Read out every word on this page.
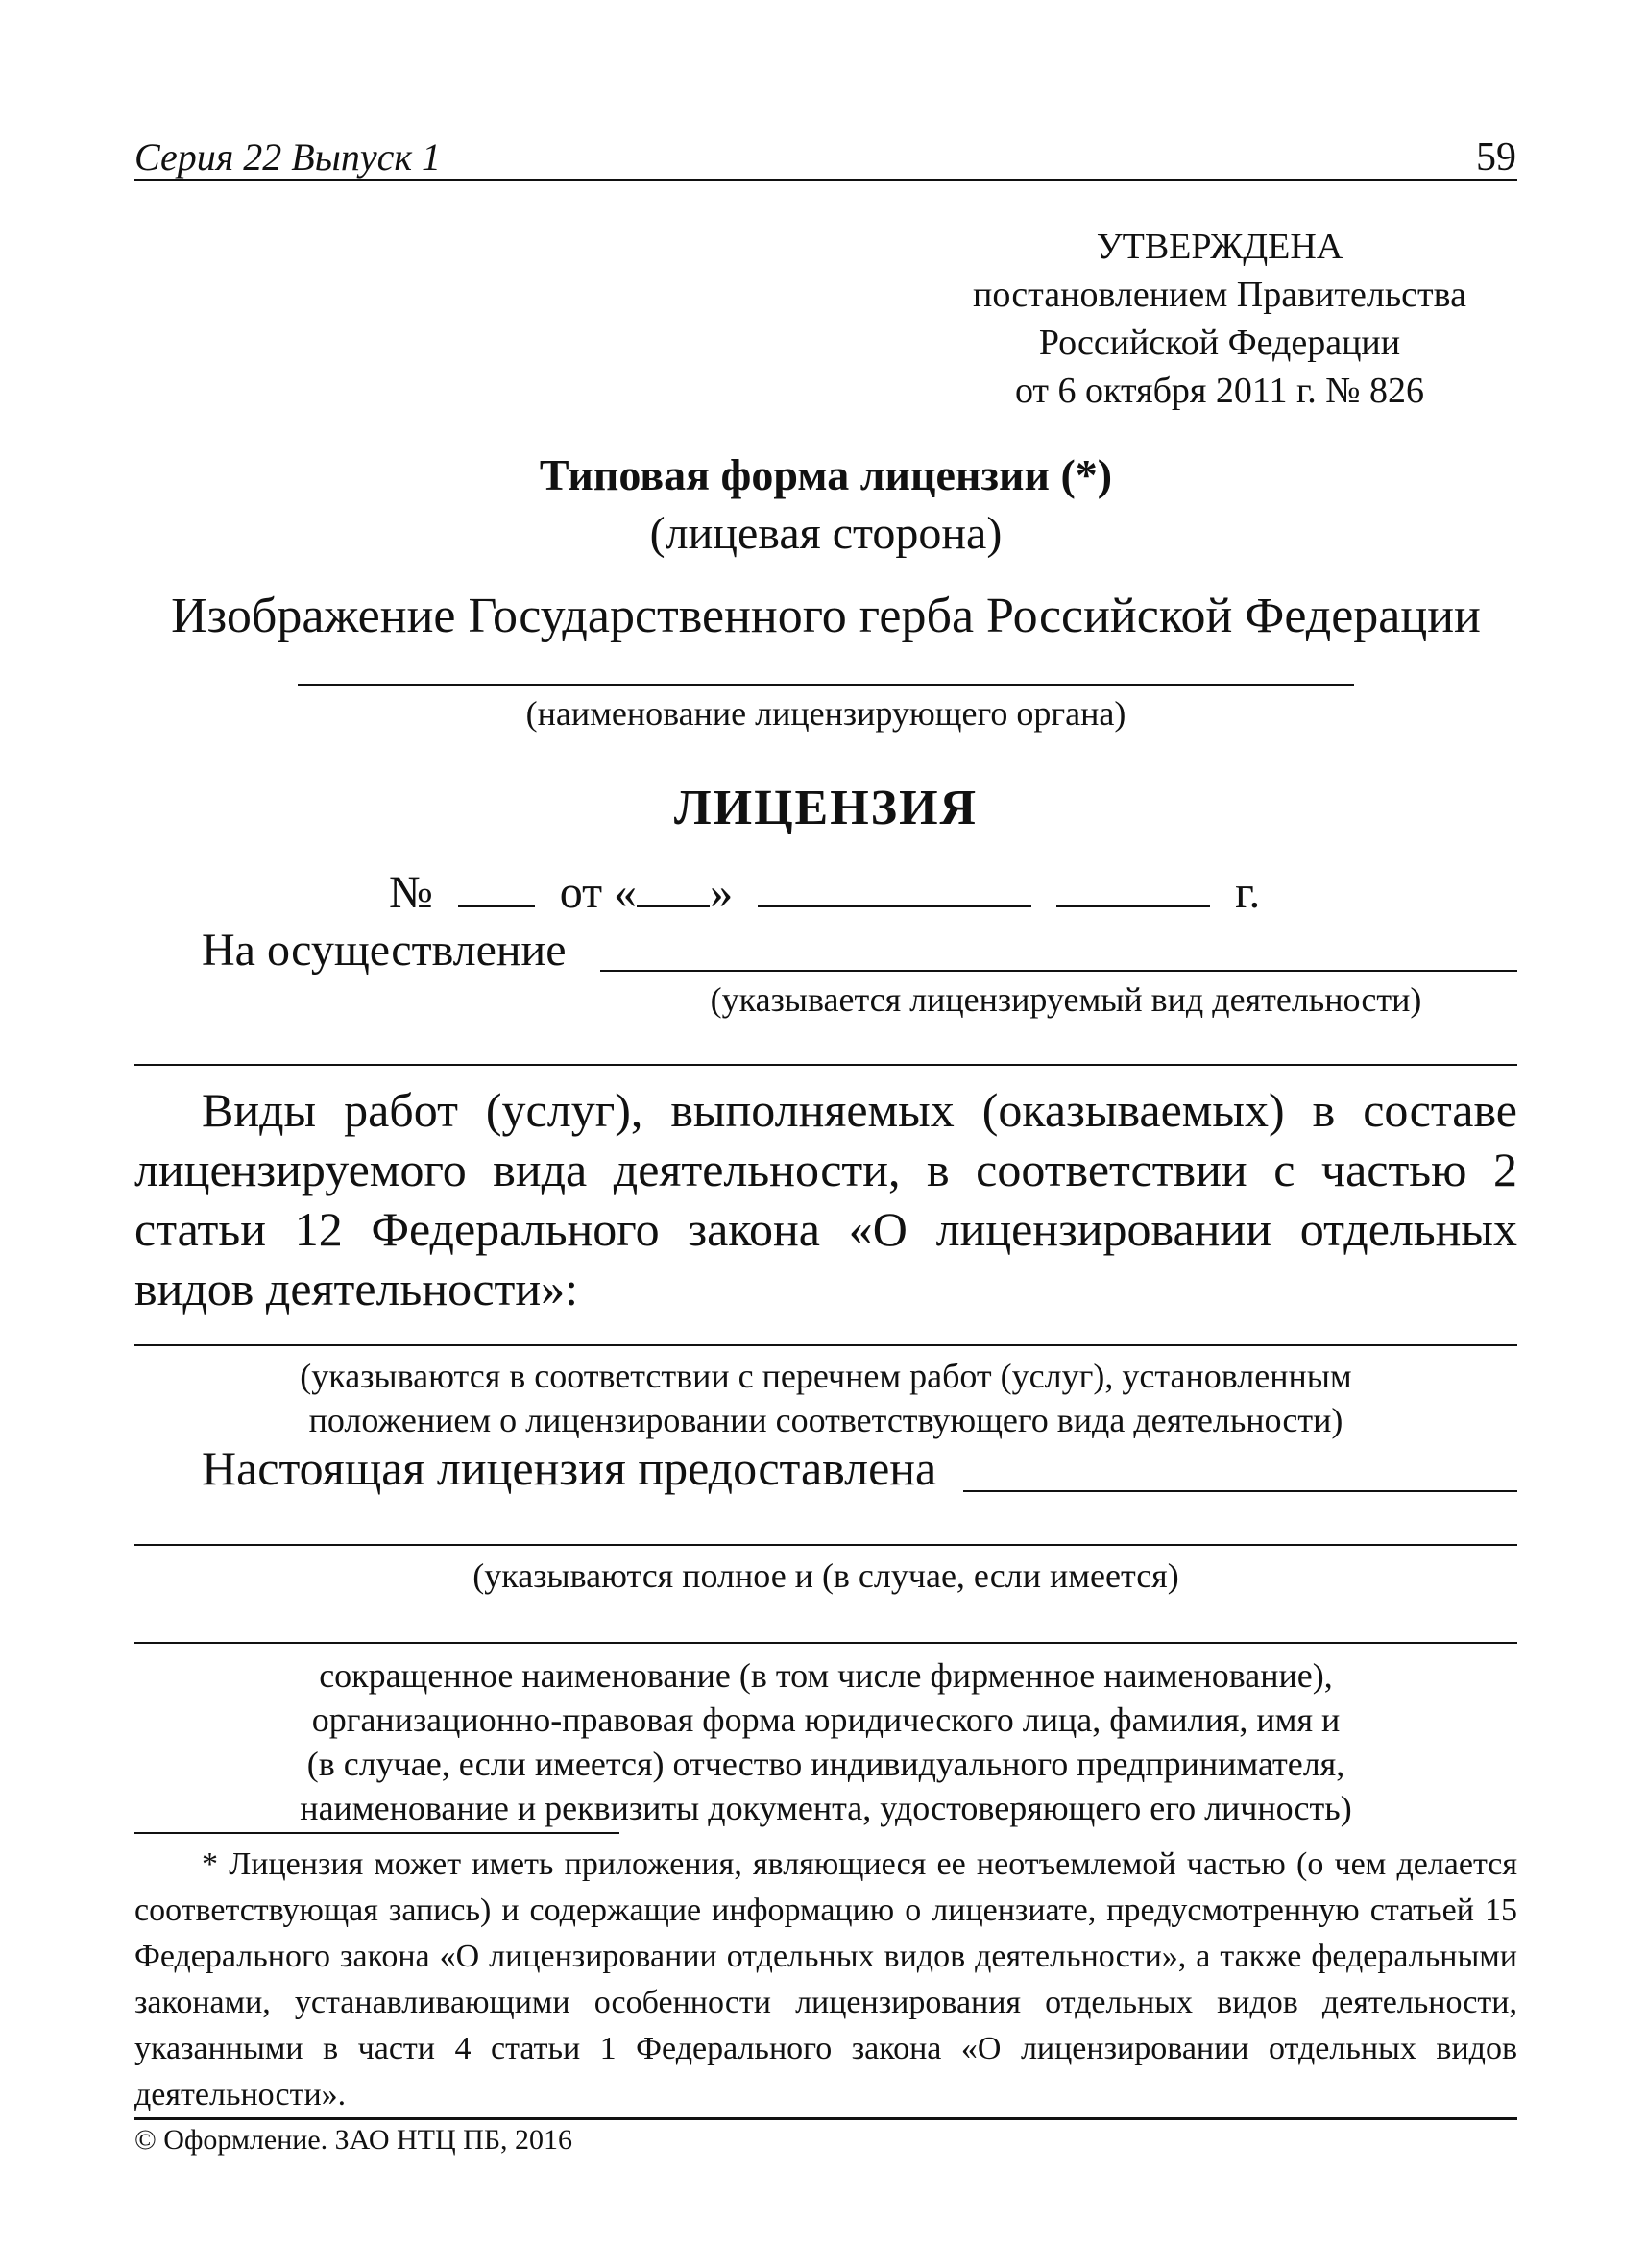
Серия 22 Выпуск 1	59
УТВЕРЖДЕНА
постановлением Правительства
Российской Федерации
от 6 октября 2011 г. № 826
Типовая форма лицензии (*)
(лицевая сторона)
Изображение Государственного герба Российской Федерации
(наименование лицензирующего органа)
ЛИЦЕНЗИЯ
№	от « »	г.
На осуществление
(указывается лицензируемый вид деятельности)
Виды работ (услуг), выполняемых (оказываемых) в составе лицензируемого вида деятельности, в соответствии с частью 2 статьи 12 Федерального закона «О лицензировании отдельных видов деятельности»:
(указываются в соответствии с перечнем работ (услуг), установленным
положением о лицензировании соответствующего вида деятельности)
Настоящая лицензия предоставлена
(указываются полное и (в случае, если имеется)
сокращенное наименование (в том числе фирменное наименование),
организационно-правовая форма юридического лица, фамилия, имя и
(в случае, если имеется) отчество индивидуального предпринимателя,
наименование и реквизиты документа, удостоверяющего его личность)
* Лицензия может иметь приложения, являющиеся ее неотъемлемой частью (о чем делается соответствующая запись) и содержащие информацию о лицензиате, предусмотренную статьей 15 Федерального закона «О лицензировании отдельных видов деятельности», а также федеральными законами, устанавливающими особенности лицензирования отдельных видов деятельности, указанными в части 4 статьи 1 Федерального закона «О лицензировании отдельных видов деятельности».
© Оформление. ЗАО НТЦ ПБ, 2016
